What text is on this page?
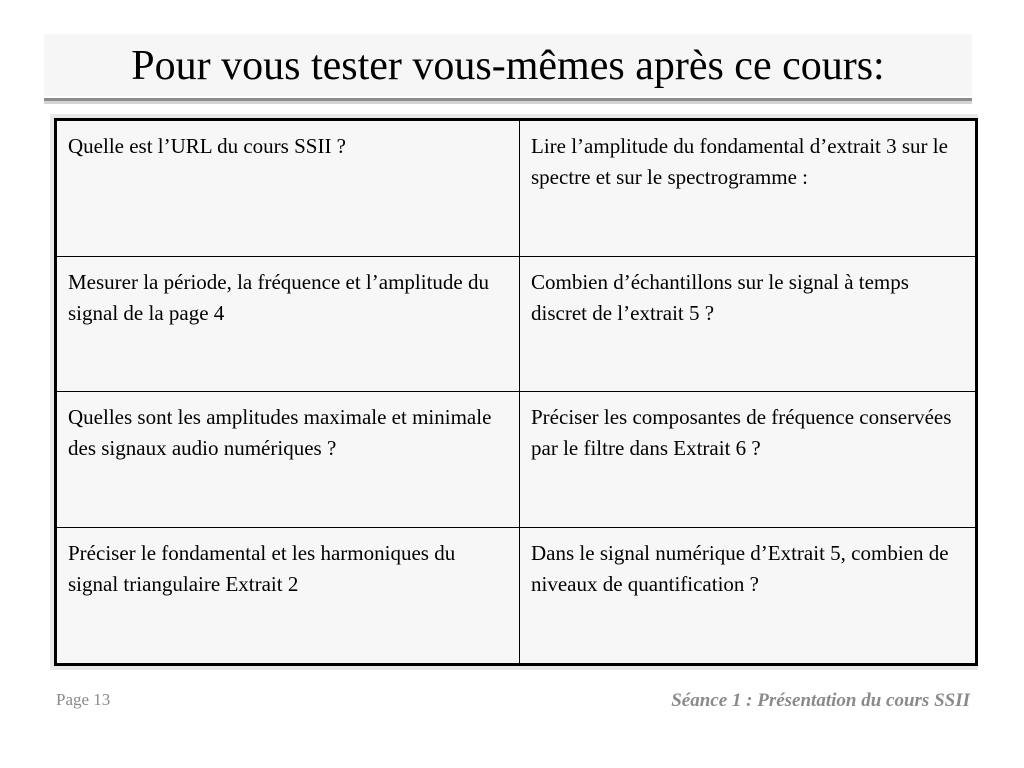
Pour vous tester vous-mêmes après ce cours:
Quelle est l’URL du cours SSII ?	Lire l’amplitude du fondamental d’extrait 3 sur le spectre et sur le spectrogramme :
Mesurer la période, la fréquence et l’amplitude du signal de la page 4	Combien d’échantillons sur le signal à temps discret de l’extrait 5 ?
Quelles sont les amplitudes maximale et minimale des signaux audio numériques ?	Préciser les composantes de fréquence conservées par le filtre dans Extrait 6 ?
Préciser le fondamental et les harmoniques du signal triangulaire Extrait 2	Dans le signal numérique d’Extrait 5, combien de niveaux de quantification ?
Page 13	Séance 1 : Présentation du cours SSII
